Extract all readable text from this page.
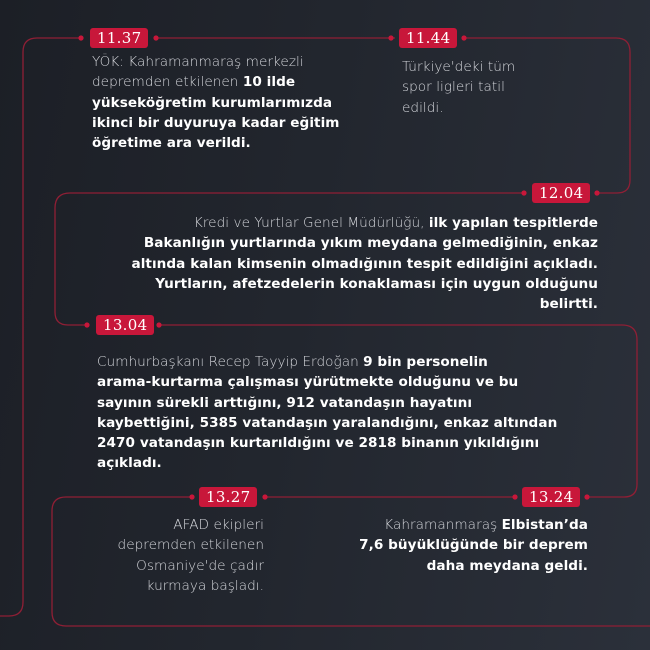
11.37
YÖK: Kahramanmaraş merkezli
depremden etkilenen 10 ilde
yükseköğretim kurumlarımızda
ikinci bir duyuruya kadar eğitim
öğretime ara verildi.
11.44
Türkiye'deki tüm
spor ligleri tatil
edildi.
12.04
Kredi ve Yurtlar Genel Müdürlüğü, ilk yapılan tespitlerde
Bakanlığın yurtlarında yıkım meydana gelmediğinin, enkaz
altında kalan kimsenin olmadığının tespit edildiğini açıkladı.
Yurtların, afetzedelerin konaklaması için uygun olduğunu
belirtti.
13.04
Cumhurbaşkanı Recep Tayyip Erdoğan 9 bin personelin
arama-kurtarma çalışması yürütmekte olduğunu ve bu
sayının sürekli arttığını, 912 vatandaşın hayatını
kaybettiğini, 5385 vatandaşın yaralandığını, enkaz altından
2470 vatandaşın kurtarıldığını ve 2818 binanın yıkıldığını
açıkladı.
13.24
Kahramanmaraş Elbistan’da
7,6 büyüklüğünde bir deprem
daha meydana geldi.
13.27
AFAD ekipleri
depremden etkilenen
Osmaniye'de çadır
kurmaya başladı.
